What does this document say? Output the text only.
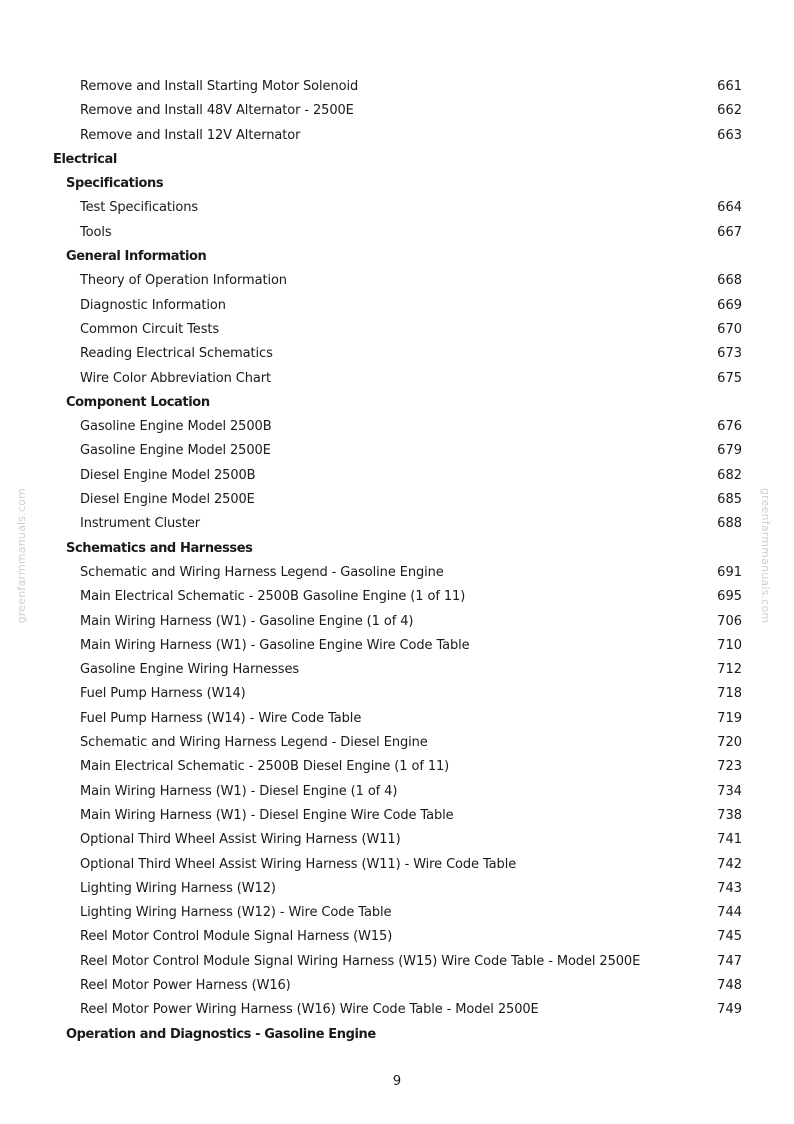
greenfarmmanuals.com	greenfarmmanuals.com
Remove and Install Starting Motor Solenoid	661
Remove and Install 48V Alternator - 2500E	662
Remove and Install 12V Alternator	663
Electrical
Specifications
Test Specifications	664
Tools	667
General Information
Theory of Operation Information	668
Diagnostic Information	669
Common Circuit Tests	670
Reading Electrical Schematics	673
Wire Color Abbreviation Chart	675
Component Location
Gasoline Engine Model 2500B	676
Gasoline Engine Model 2500E	679
Diesel Engine Model 2500B	682
Diesel Engine Model 2500E	685
Instrument Cluster	688
Schematics and Harnesses
Schematic and Wiring Harness Legend - Gasoline Engine	691
Main Electrical Schematic - 2500B Gasoline Engine (1 of 11)	695
Main Wiring Harness (W1) - Gasoline Engine (1 of 4)	706
Main Wiring Harness (W1) - Gasoline Engine Wire Code Table	710
Gasoline Engine Wiring Harnesses	712
Fuel Pump Harness (W14)	718
Fuel Pump Harness (W14) - Wire Code Table	719
Schematic and Wiring Harness Legend - Diesel Engine	720
Main Electrical Schematic - 2500B Diesel Engine (1 of 11)	723
Main Wiring Harness (W1) - Diesel Engine (1 of 4)	734
Main Wiring Harness (W1) - Diesel Engine Wire Code Table	738
Optional Third Wheel Assist Wiring Harness (W11)	741
Optional Third Wheel Assist Wiring Harness (W11) - Wire Code Table	742
Lighting Wiring Harness (W12)	743
Lighting Wiring Harness (W12) - Wire Code Table	744
Reel Motor Control Module Signal Harness (W15)	745
Reel Motor Control Module Signal Wiring Harness (W15) Wire Code Table - Model 2500E	747
Reel Motor Power Harness (W16)	748
Reel Motor Power Wiring Harness (W16) Wire Code Table - Model 2500E	749
Operation and Diagnostics - Gasoline Engine
9
